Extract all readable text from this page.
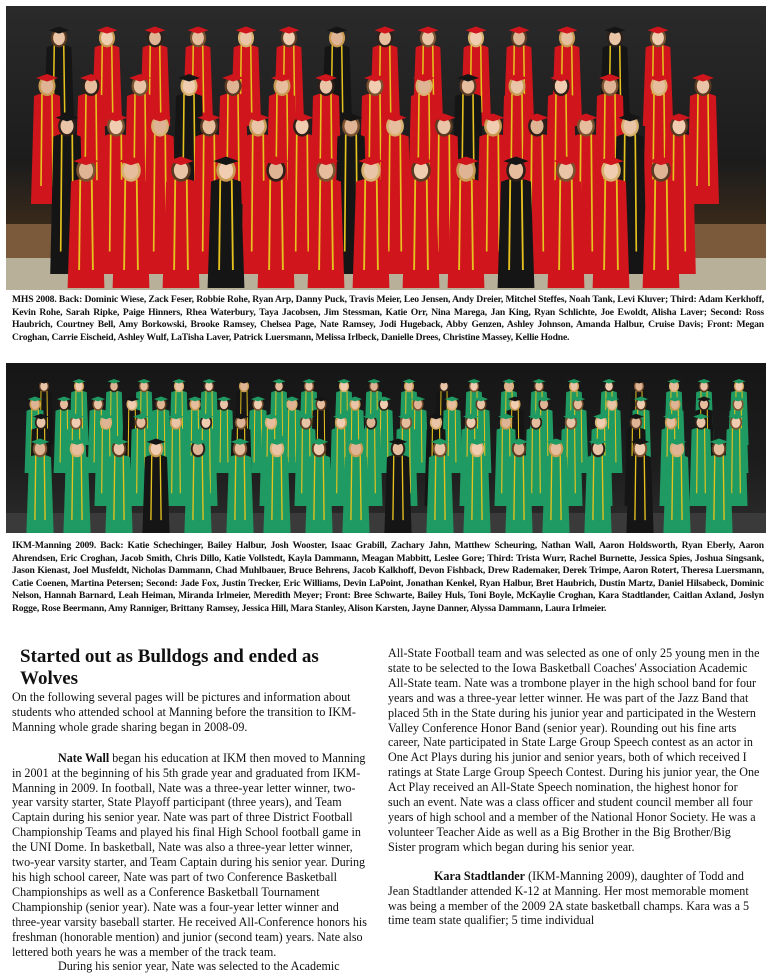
MHS 2008. Back: Dominic Wiese, Zack Feser, Robbie Rohe, Ryan Arp, Danny Puck, Travis Meier, Leo Jensen, Andy Dreier, Mitchel Steffes, Noah Tank, Levi Kluver; Third: Adam Kerkhoff, Kevin Rohe, Sarah Ripke, Paige Hinners, Rhea Waterbury, Taya Jacobsen, Jim Stessman, Katie Orr, Nina Marega, Jan King, Ryan Schlichte, Joe Ewoldt, Alisha Laver; Second: Ross Haubrich, Courtney Bell, Amy Borkowski, Brooke Ramsey, Chelsea Page, Nate Ramsey, Jodi Hugeback, Abby Genzen, Ashley Johnson, Amanda Halbur, Cruise Davis; Front: Megan Croghan, Carrie Eischeid, Ashley Wulf, LaTisha Laver, Patrick Luersmann, Melissa Irlbeck, Danielle Drees, Christine Massey, Kellie Hodne.
IKM-Manning 2009. Back: Katie Schechinger, Bailey Halbur, Josh Wooster, Isaac Grabill, Zachary Jahn, Matthew Scheuring, Nathan Wall, Aaron Holdsworth, Ryan Eberly, Aaron Ahrendsen, Eric Croghan, Jacob Smith, Chris Dillo, Katie Vollstedt, Kayla Dammann, Meagan Mabbitt, Leslee Gore; Third: Trista Wurr, Rachel Burnette, Jessica Spies, Joshua Singsank, Jason Kienast, Joel Musfeldt, Nicholas Dammann, Chad Muhlbauer, Bruce Behrens, Jacob Kalkhoff, Devon Fishback, Drew Rademaker, Derek Trimpe, Aaron Rotert, Theresa Luersmann, Catie Coenen, Martina Petersen; Second: Jade Fox, Justin Trecker, Eric Williams, Devin LaPoint, Jonathan Kenkel, Ryan Halbur, Bret Haubrich, Dustin Martz, Daniel Hilsabeck, Dominic Nelson, Hannah Barnard, Leah Heiman, Miranda Irlmeier, Meredith Meyer; Front: Bree Schwarte, Bailey Huls, Toni Boyle, McKaylie Croghan, Kara Stadtlander, Caitlan Axland, Joslyn Rogge, Rose Beermann, Amy Ranniger, Brittany Ramsey, Jessica Hill, Mara Stanley, Alison Karsten, Jayne Danner, Alyssa Dammann, Laura Irlmeier.
Started out as Bulldogs and ended as Wolves

On the following several pages will be pictures and information about students who attended school at Manning before the transition to IKM-Manning whole grade sharing began in 2008-09.

Nate Wall began his education at IKM then moved to Manning in 2001 at the beginning of his 5th grade year and graduated from IKM-Manning in 2009. In football, Nate was a three-year letter winner, two-year varsity starter, State Playoff participant (three years), and Team Captain during his senior year. Nate was part of three District Football Championship Teams and played his final High School football game in the UNI Dome. In basketball, Nate was also a three-year letter winner, two-year varsity starter, and Team Captain during his senior year. During his high school career, Nate was part of two Conference Basketball Championships as well as a Conference Basketball Tournament Championship (senior year). Nate was a four-year letter winner and three-year varsity baseball starter. He received All-Conference honors his freshman (honorable mention) and junior (second team) years. Nate also lettered both years he was a member of the track team.

During his senior year, Nate was selected to the Academic

All-State Football team and was selected as one of only 25 young men in the state to be selected to the Iowa Basketball Coaches' Association Academic All-State team. Nate was a trombone player in the high school band for four years and was a three-year letter winner. He was part of the Jazz Band that placed 5th in the State during his junior year and participated in the Western Valley Conference Honor Band (senior year). Rounding out his fine arts career, Nate participated in State Large Group Speech contest as an actor in One Act Plays during his junior and senior years, both of which received I ratings at State Large Group Speech Contest. During his junior year, the One Act Play received an All-State Speech nomination, the highest honor for such an event. Nate was a class officer and student council member all four years of high school and a member of the National Honor Society. He was a volunteer Teacher Aide as well as a Big Brother in the Big Brother/Big Sister program which began during his senior year.

Kara Stadtlander (IKM-Manning 2009), daughter of Todd and Jean Stadtlander attended K-12 at Manning. Her most memorable moment was being a member of the 2009 2A state basketball champs. Kara was a 5 time team state qualifier; 5 time individual
